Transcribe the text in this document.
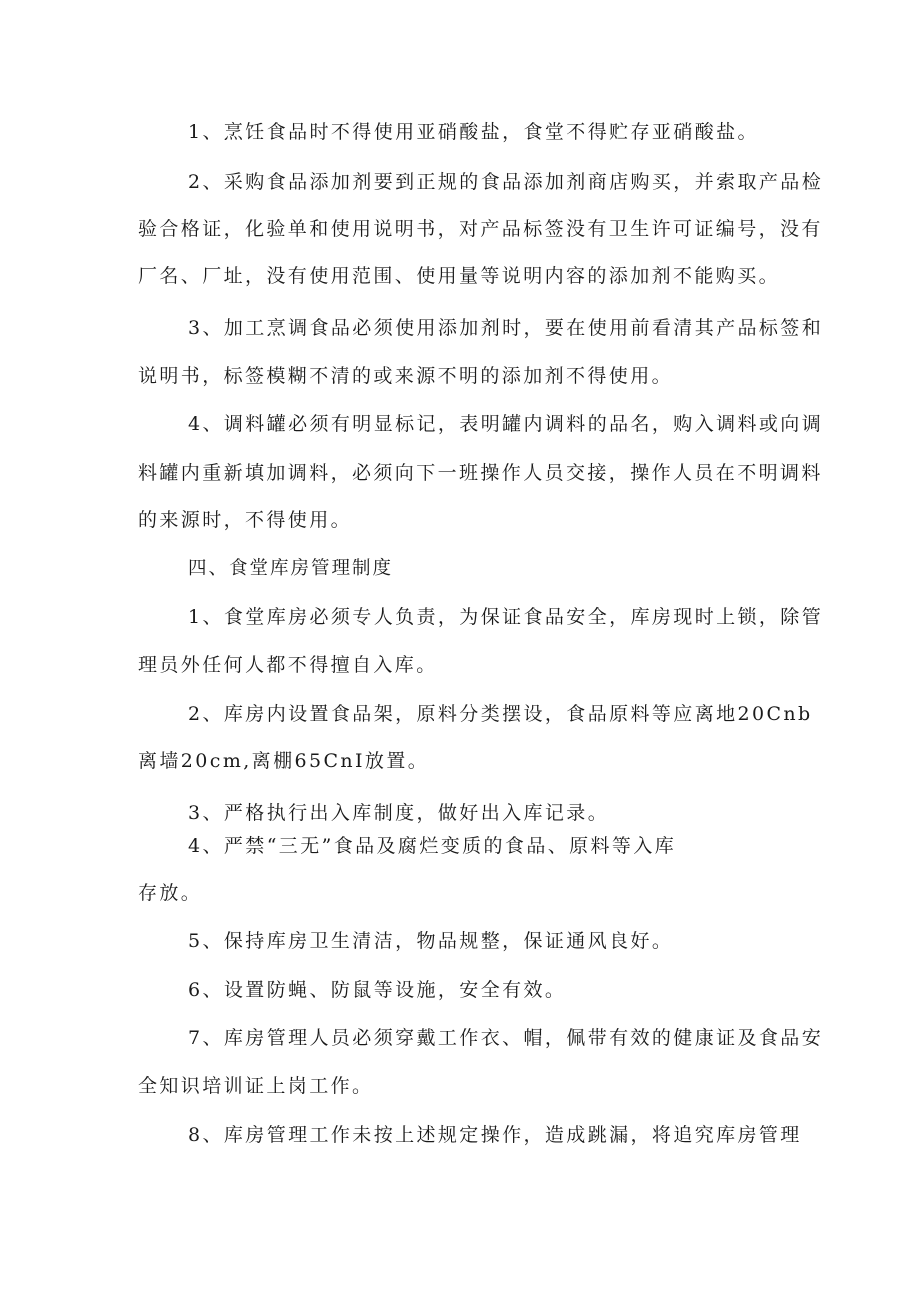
1、烹饪食品时不得使用亚硝酸盐，食堂不得贮存亚硝酸盐。
2、采购食品添加剂要到正规的食品添加剂商店购买，并索取产品检
验合格证，化验单和使用说明书，对产品标签没有卫生许可证编号，没有
厂名、厂址，没有使用范围、使用量等说明内容的添加剂不能购买。
3、加工烹调食品必须使用添加剂时，要在使用前看清其产品标签和
说明书，标签模糊不清的或来源不明的添加剂不得使用。
4、调料罐必须有明显标记，表明罐内调料的品名，购入调料或向调
料罐内重新填加调料，必须向下一班操作人员交接，操作人员在不明调料
的来源时，不得使用。
四、食堂库房管理制度
1、食堂库房必须专人负责，为保证食品安全，库房现时上锁，除管
理员外任何人都不得擅自入库。
2、库房内设置食品架，原料分类摆设，食品原料等应离地20Cnb
离墙20cm,离棚65CnI放置。
3、严格执行出入库制度，做好出入库记录。
4、严禁“三无”食品及腐烂变质的食品、原料等入库
存放。
5、保持库房卫生清洁，物品规整，保证通风良好。
6、设置防蝇、防鼠等设施，安全有效。
7、库房管理人员必须穿戴工作衣、帽，佩带有效的健康证及食品安
全知识培训证上岗工作。
8、库房管理工作未按上述规定操作，造成跳漏，将追究库房管理
